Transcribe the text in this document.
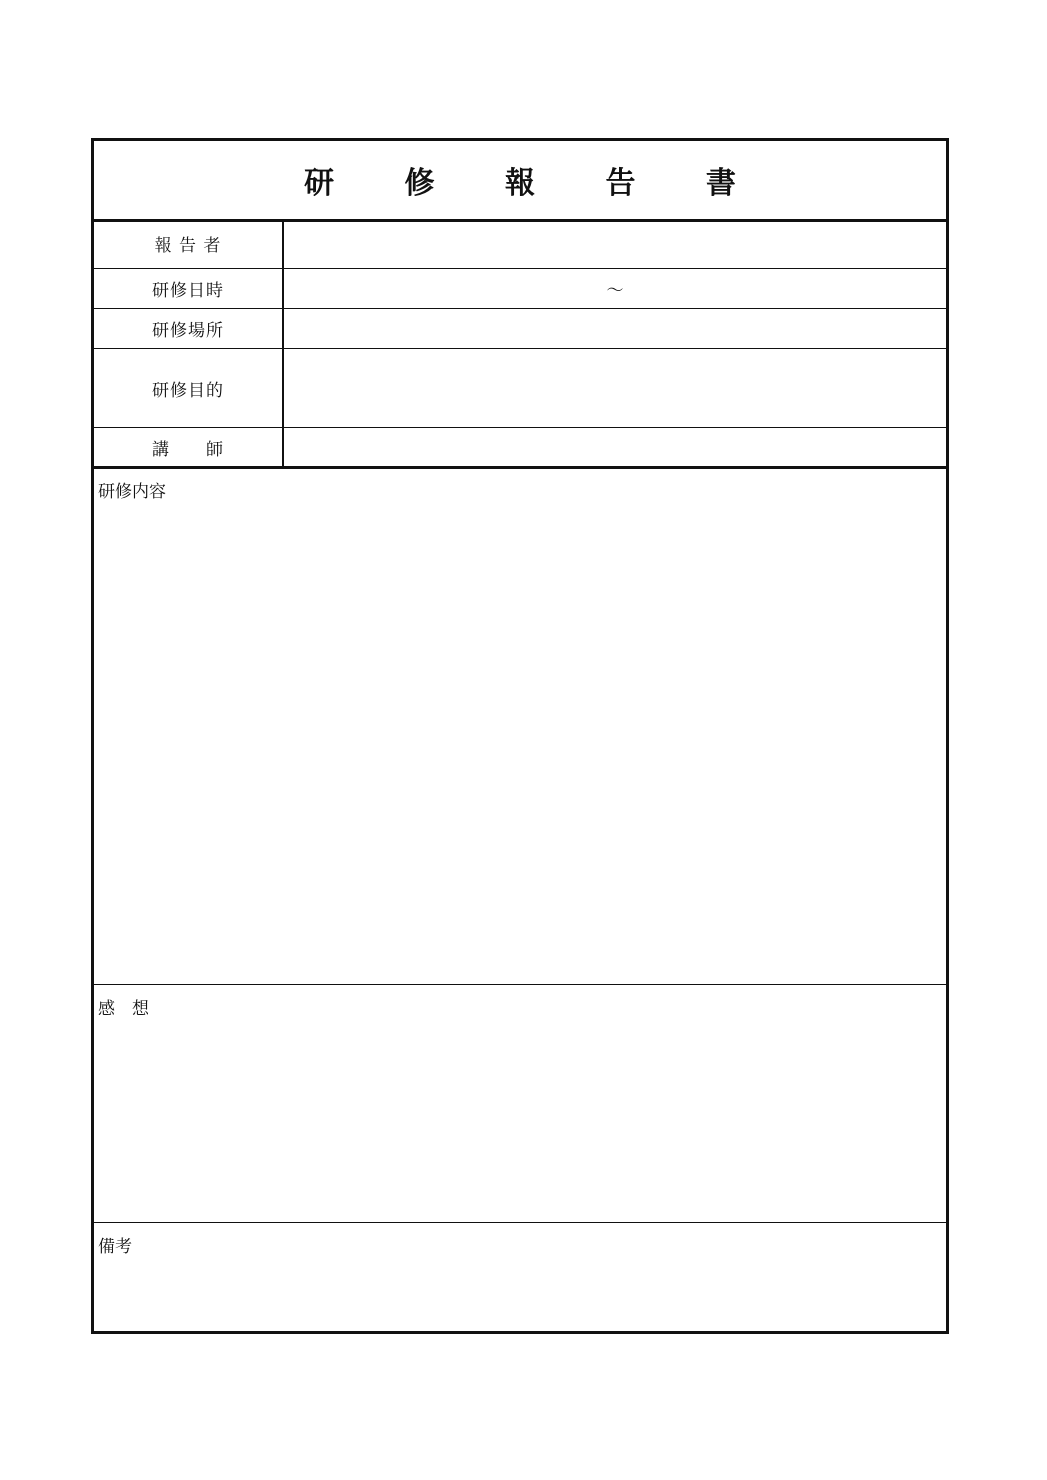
研 修 報 告 書
報 告 者
研修日時	～
研修場所
研修目的
講　　師
研修内容
感　想
備考
